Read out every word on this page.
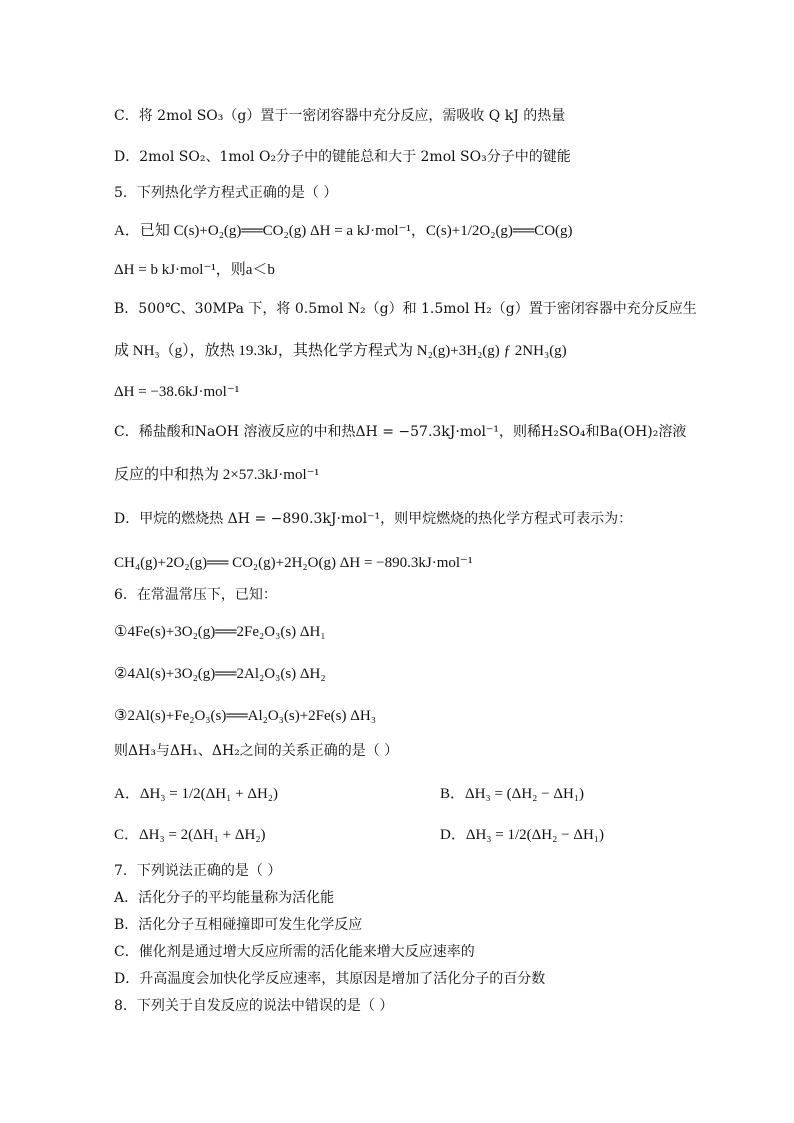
C．将 2mol SO₃（g）置于一密闭容器中充分反应，需吸收 Q kJ 的热量
D．2mol SO₂、1mol O₂分子中的键能总和大于 2mol SO₃分子中的键能
5．下列热化学方程式正确的是（ ）
A．已知 C(s)+O₂(g)══CO₂(g) ΔH = a kJ·mol⁻¹，C(s)+1/2O₂(g)══CO(g)
ΔH = b kJ·mol⁻¹，则a＜b
B．500℃、30MPa 下，将 0.5mol N₂（g）和 1.5mol H₂（g）置于密闭容器中充分反应生
成 NH₃（g），放热 19.3kJ，其热化学方程式为 N₂(g)+3H₂(g) ƒ 2NH₃(g)
ΔH = −38.6kJ·mol⁻¹
C．稀盐酸和NaOH 溶液反应的中和热ΔH = −57.3kJ·mol⁻¹，则稀H₂SO₄和Ba(OH)₂溶液
反应的中和热为 2×57.3kJ·mol⁻¹
D．甲烷的燃烧热 ΔH = −890.3kJ·mol⁻¹，则甲烷燃烧的热化学方程式可表示为：
CH₄(g)+2O₂(g)══ CO₂(g)+2H₂O(g) ΔH = −890.3kJ·mol⁻¹
6．在常温常压下，已知：
①4Fe(s)+3O₂(g)══2Fe₂O₃(s) ΔH₁
②4Al(s)+3O₂(g)══2Al₂O₃(s) ΔH₂
③2Al(s)+Fe₂O₃(s)══Al₂O₃(s)+2Fe(s) ΔH₃
则ΔH₃与ΔH₁、ΔH₂之间的关系正确的是（ ）
A．ΔH₃ = 1/2(ΔH₁ + ΔH₂)	B．ΔH₃ = (ΔH₂ − ΔH₁)
C．ΔH₃ = 2(ΔH₁ + ΔH₂)	D．ΔH₃ = 1/2(ΔH₂ − ΔH₁)
7．下列说法正确的是（ ）
A．活化分子的平均能量称为活化能
B．活化分子互相碰撞即可发生化学反应
C．催化剂是通过增大反应所需的活化能来增大反应速率的
D．升高温度会加快化学反应速率，其原因是增加了活化分子的百分数
8．下列关于自发反应的说法中错误的是（ ）
